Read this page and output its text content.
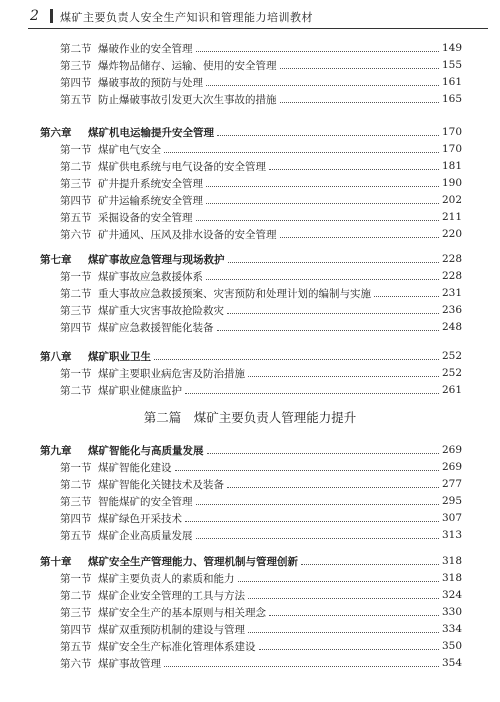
2 煤矿主要负责人安全生产知识和管理能力培训教材
第二节 爆破作业的安全管理	149
第三节 爆炸物品储存、运输、使用的安全管理	155
第四节 爆破事故的预防与处理	161
第五节 防止爆破事故引发更大次生事故的措施	165
第六章	煤矿机电运输提升安全管理	170
第一节 煤矿电气安全	170
第二节 煤矿供电系统与电气设备的安全管理	181
第三节 矿井提升系统安全管理	190
第四节 矿井运输系统安全管理	202
第五节 采掘设备的安全管理	211
第六节 矿井通风、压风及排水设备的安全管理	220
第七章	煤矿事故应急管理与现场救护	228
第一节 煤矿事故应急救援体系	228
第二节 重大事故应急救援预案、灾害预防和处理计划的编制与实施	231
第三节 煤矿重大灾害事故抢险救灾	236
第四节 煤矿应急救援智能化装备	248
第八章	煤矿职业卫生	252
第一节 煤矿主要职业病危害及防治措施	252
第二节 煤矿职业健康监护	261
第九章	煤矿智能化与高质量发展	269
第一节 煤矿智能化建设	269
第二节 煤矿智能化关键技术及装备	277
第三节 智能煤矿的安全管理	295
第四节 煤矿绿色开采技术	307
第五节 煤矿企业高质量发展	313
第十章	煤矿安全生产管理能力、管理机制与管理创新	318
第一节 煤矿主要负责人的素质和能力	318
第二节 煤矿企业安全管理的工具与方法	324
第三节 煤矿安全生产的基本原则与相关理念	330
第四节 煤矿双重预防机制的建设与管理	334
第五节 煤矿安全生产标准化管理体系建设	350
第六节 煤矿事故管理	354
第二篇　煤矿主要负责人管理能力提升
